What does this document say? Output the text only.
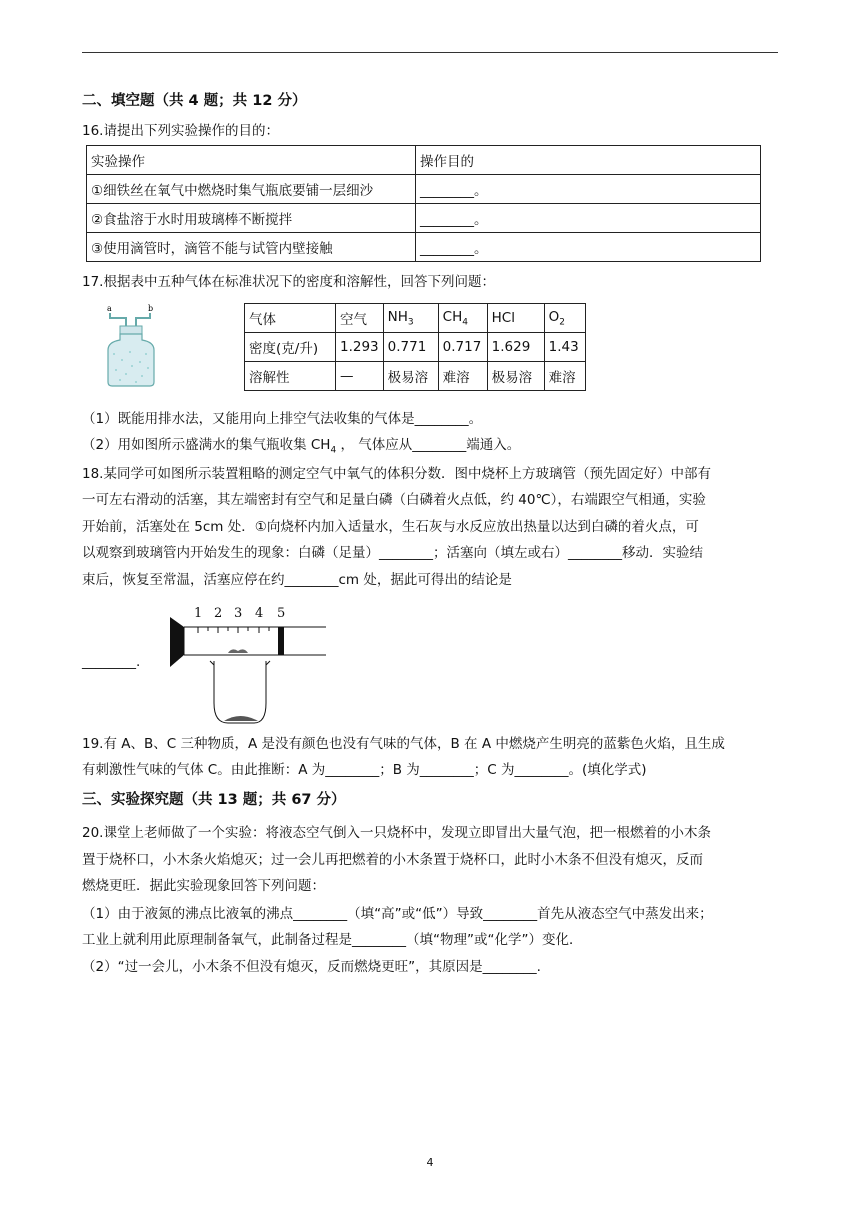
二、填空题（共 4 题；共 12 分）
16.请提出下列实验操作的目的：
实验操作	操作目的
①细铁丝在氧气中燃烧时集气瓶底要铺一层细沙	________。
②食盐溶于水时用玻璃棒不断搅拌	________。
③使用滴管时，滴管不能与试管内壁接触	________。
17.根据表中五种气体在标准状况下的密度和溶解性，回答下列问题：
a	b
气体	空气	$NH_3$	$CH_4$	HCl	$O_2$
密度(克/升)	1.293	0.771	0.717	1.629	1.43
溶解性	—	极易溶	难溶	极易溶	难溶
（1）既能用排水法，又能用向上排空气法收集的气体是________。
（2）用如图所示盛满水的集气瓶收集 $CH_4$ ， 气体应从________端通入。
18.某同学可如图所示装置粗略的测定空气中氧气的体积分数．图中烧杯上方玻璃管（预先固定好）中部有
一可左右滑动的活塞，其左端密封有空气和足量白磷（白磷着火点低，约 40℃），右端跟空气相通，实验
开始前，活塞处在 5cm 处．①向烧杯内加入适量水，生石灰与水反应放出热量以达到白磷的着火点，可
以观察到玻璃管内开始发生的现象：白磷（足量）________；活塞向（填左或右）________移动．实验结
束后，恢复至常温，活塞应停在约________cm 处，据此可得出的结论是
1 2 3 4 5
________.
19.有 A、B、C 三种物质，A 是没有颜色也没有气味的气体，B 在 A 中燃烧产生明亮的蓝紫色火焰，且生成
有刺激性气味的气体 C。由此推断：A 为________；B 为________；C 为________。(填化学式)
三、实验探究题（共 13 题；共 67 分）
20.课堂上老师做了一个实验：将液态空气倒入一只烧杯中，发现立即冒出大量气泡，把一根燃着的小木条
置于烧杯口，小木条火焰熄灭；过一会儿再把燃着的小木条置于烧杯口，此时小木条不但没有熄灭，反而
燃烧更旺．据此实验现象回答下列问题：
（1）由于液氮的沸点比液氧的沸点________（填“高”或“低”）导致________首先从液态空气中蒸发出来；
工业上就利用此原理制备氧气，此制备过程是________（填“物理”或“化学”）变化．
（2）“过一会儿，小木条不但没有熄灭，反而燃烧更旺”，其原因是________.
4
